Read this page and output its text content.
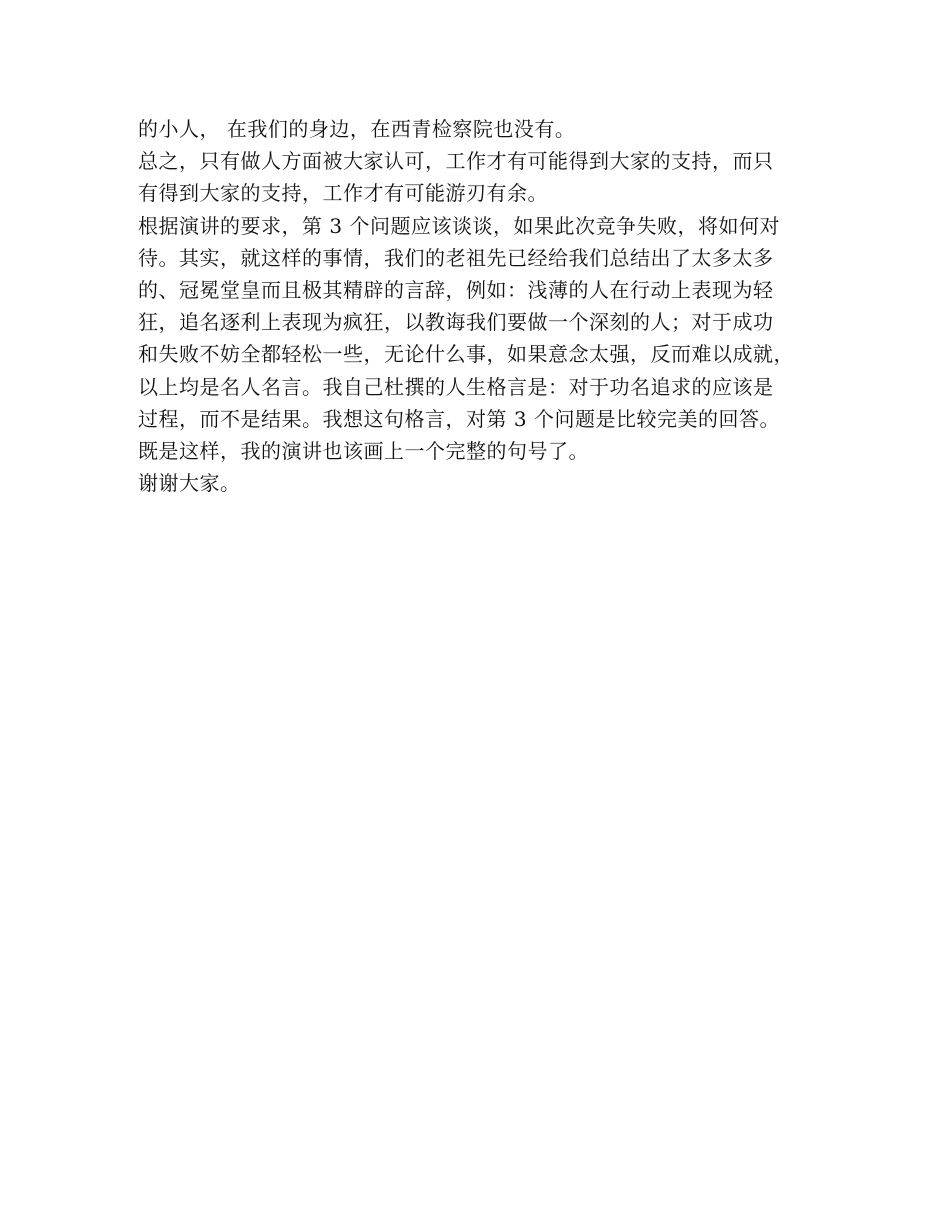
的小人， 在我们的身边，在西青检察院也没有。
总之，只有做人方面被大家认可，工作才有可能得到大家的支持，而只
有得到大家的支持，工作才有可能游刃有余。
根据演讲的要求，第 3 个问题应该谈谈，如果此次竞争失败，将如何对
待。其实，就这样的事情，我们的老祖先已经给我们总结出了太多太多
的、冠冕堂皇而且极其精辟的言辞，例如：浅薄的人在行动上表现为轻
狂，追名逐利上表现为疯狂，以教诲我们要做一个深刻的人；对于成功
和失败不妨全都轻松一些，无论什么事，如果意念太强，反而难以成就，
以上均是名人名言。我自己杜撰的人生格言是：对于功名追求的应该是
过程，而不是结果。我想这句格言，对第 3 个问题是比较完美的回答。
既是这样，我的演讲也该画上一个完整的句号了。
谢谢大家。
